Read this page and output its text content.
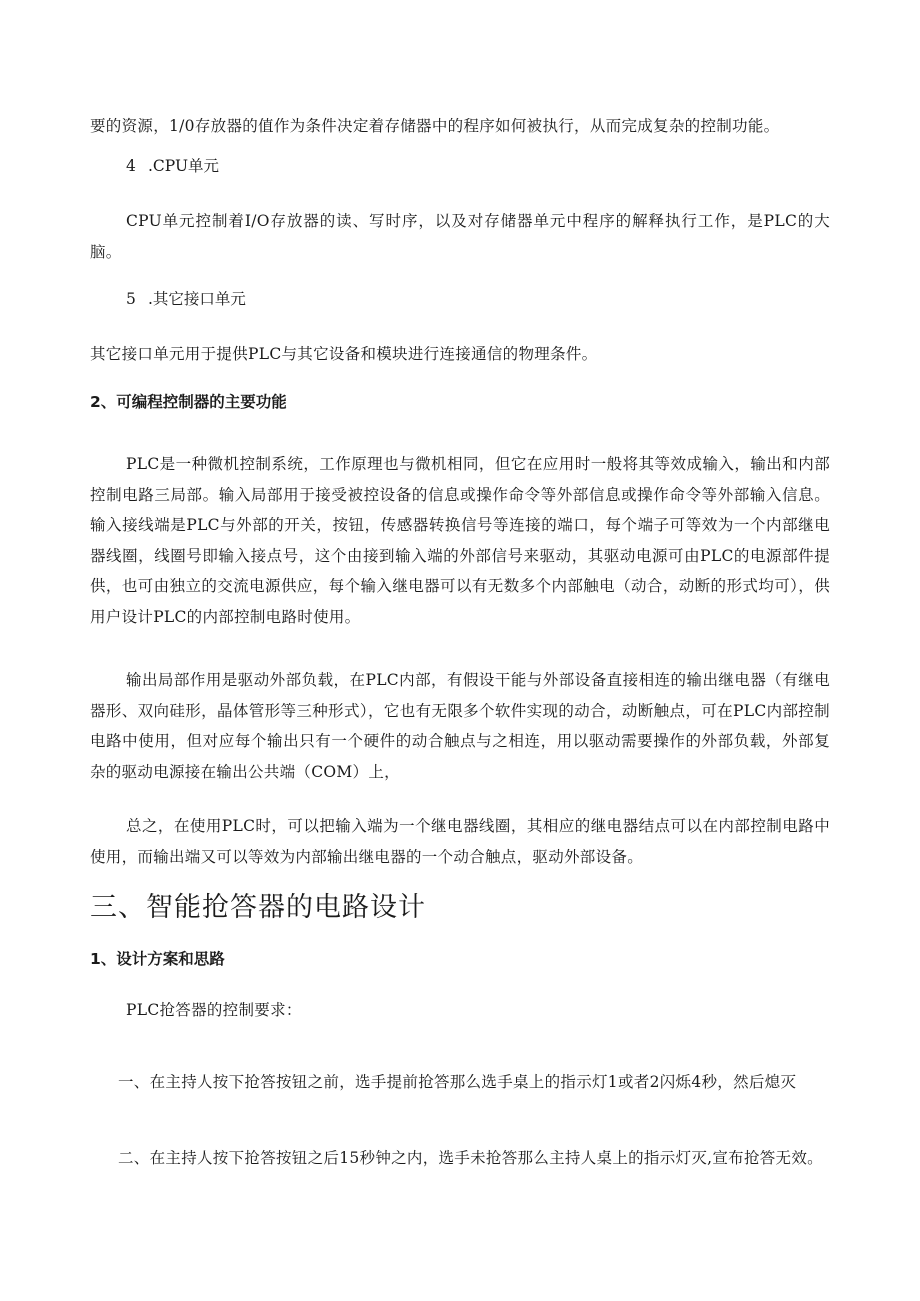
要的资源，1/0存放器的值作为条件决定着存储器中的程序如何被执行，从而完成复杂的控制功能。

4 .CPU单元

CPU单元控制着I/O存放器的读、写时序，以及对存储器单元中程序的解释执行工作，是PLC的大脑。

5 .其它接口单元

其它接口单元用于提供PLC与其它设备和模块进行连接通信的物理条件。

2、可编程控制器的主要功能

PLC是一种微机控制系统，工作原理也与微机相同，但它在应用时一般将其等效成输入，输出和内部控制电路三局部。输入局部用于接受被控设备的信息或操作命令等外部信息或操作命令等外部输入信息。输入接线端是PLC与外部的开关，按钮，传感器转换信号等连接的端口，每个端子可等效为一个内部继电器线圈，线圈号即输入接点号，这个由接到输入端的外部信号来驱动，其驱动电源可由PLC的电源部件提供，也可由独立的交流电源供应，每个输入继电器可以有无数多个内部触电（动合，动断的形式均可），供用户设计PLC的内部控制电路时使用。

输出局部作用是驱动外部负载，在PLC内部，有假设干能与外部设备直接相连的输出继电器（有继电器形、双向硅形，晶体管形等三种形式），它也有无限多个软件实现的动合，动断触点，可在PLC内部控制电路中使用，但对应每个输出只有一个硬件的动合触点与之相连，用以驱动需要操作的外部负载，外部复杂的驱动电源接在输出公共端（COM）上，

总之，在使用PLC时，可以把输入端为一个继电器线圈，其相应的继电器结点可以在内部控制电路中使用，而输出端又可以等效为内部输出继电器的一个动合触点，驱动外部设备。

三、智能抢答器的电路设计

1、设计方案和思路

PLC抢答器的控制要求：

一、在主持人按下抢答按钮之前，选手提前抢答那么选手桌上的指示灯1或者2闪烁4秒，然后熄灭

二、在主持人按下抢答按钮之后15秒钟之内，选手未抢答那么主持人桌上的指示灯灭,宣布抢答无效。
